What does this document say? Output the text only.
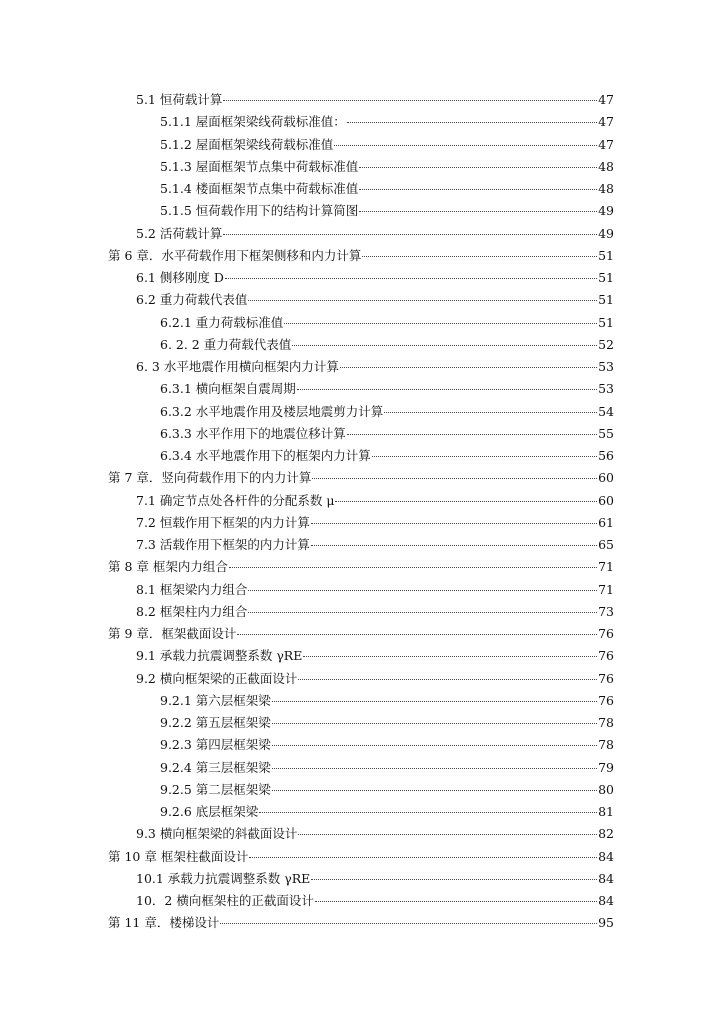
5.1 恒荷载计算	47
5.1.1 屋面框架梁线荷载标准值：	47
5.1.2 屋面框架梁线荷载标准值	47
5.1.3 屋面框架节点集中荷载标准值	48
5.1.4 楼面框架节点集中荷载标准值	48
5.1.5 恒荷载作用下的结构计算简图	49
5.2 活荷载计算	49
第 6 章．水平荷载作用下框架侧移和内力计算	51
6.1 侧移刚度 D	51
6.2 重力荷载代表值	51
6.2.1 重力荷载标准值	51
6. 2. 2 重力荷载代表值	52
6. 3 水平地震作用横向框架内力计算	53
6.3.1 横向框架自震周期	53
6.3.2 水平地震作用及楼层地震剪力计算	54
6.3.3 水平作用下的地震位移计算	55
6.3.4 水平地震作用下的框架内力计算	56
第 7 章．竖向荷载作用下的内力计算	60
7.1 确定节点处各杆件的分配系数 μ	60
7.2 恒载作用下框架的内力计算	61
7.3 活载作用下框架的内力计算	65
第 8 章 框架内力组合	71
8.1 框架梁内力组合	71
8.2 框架柱内力组合	73
第 9 章．框架截面设计	76
9.1 承载力抗震调整系数 γRE	76
9.2 横向框架梁的正截面设计	76
9.2.1 第六层框架梁	76
9.2.2 第五层框架梁	78
9.2.3 第四层框架梁	78
9.2.4 第三层框架梁	79
9.2.5 第二层框架梁	80
9.2.6 底层框架梁	81
9.3 横向框架梁的斜截面设计	82
第 10 章 框架柱截面设计	84
10.1 承载力抗震调整系数 γRE	84
10．2 横向框架柱的正截面设计	84
第 11 章．楼梯设计	95
